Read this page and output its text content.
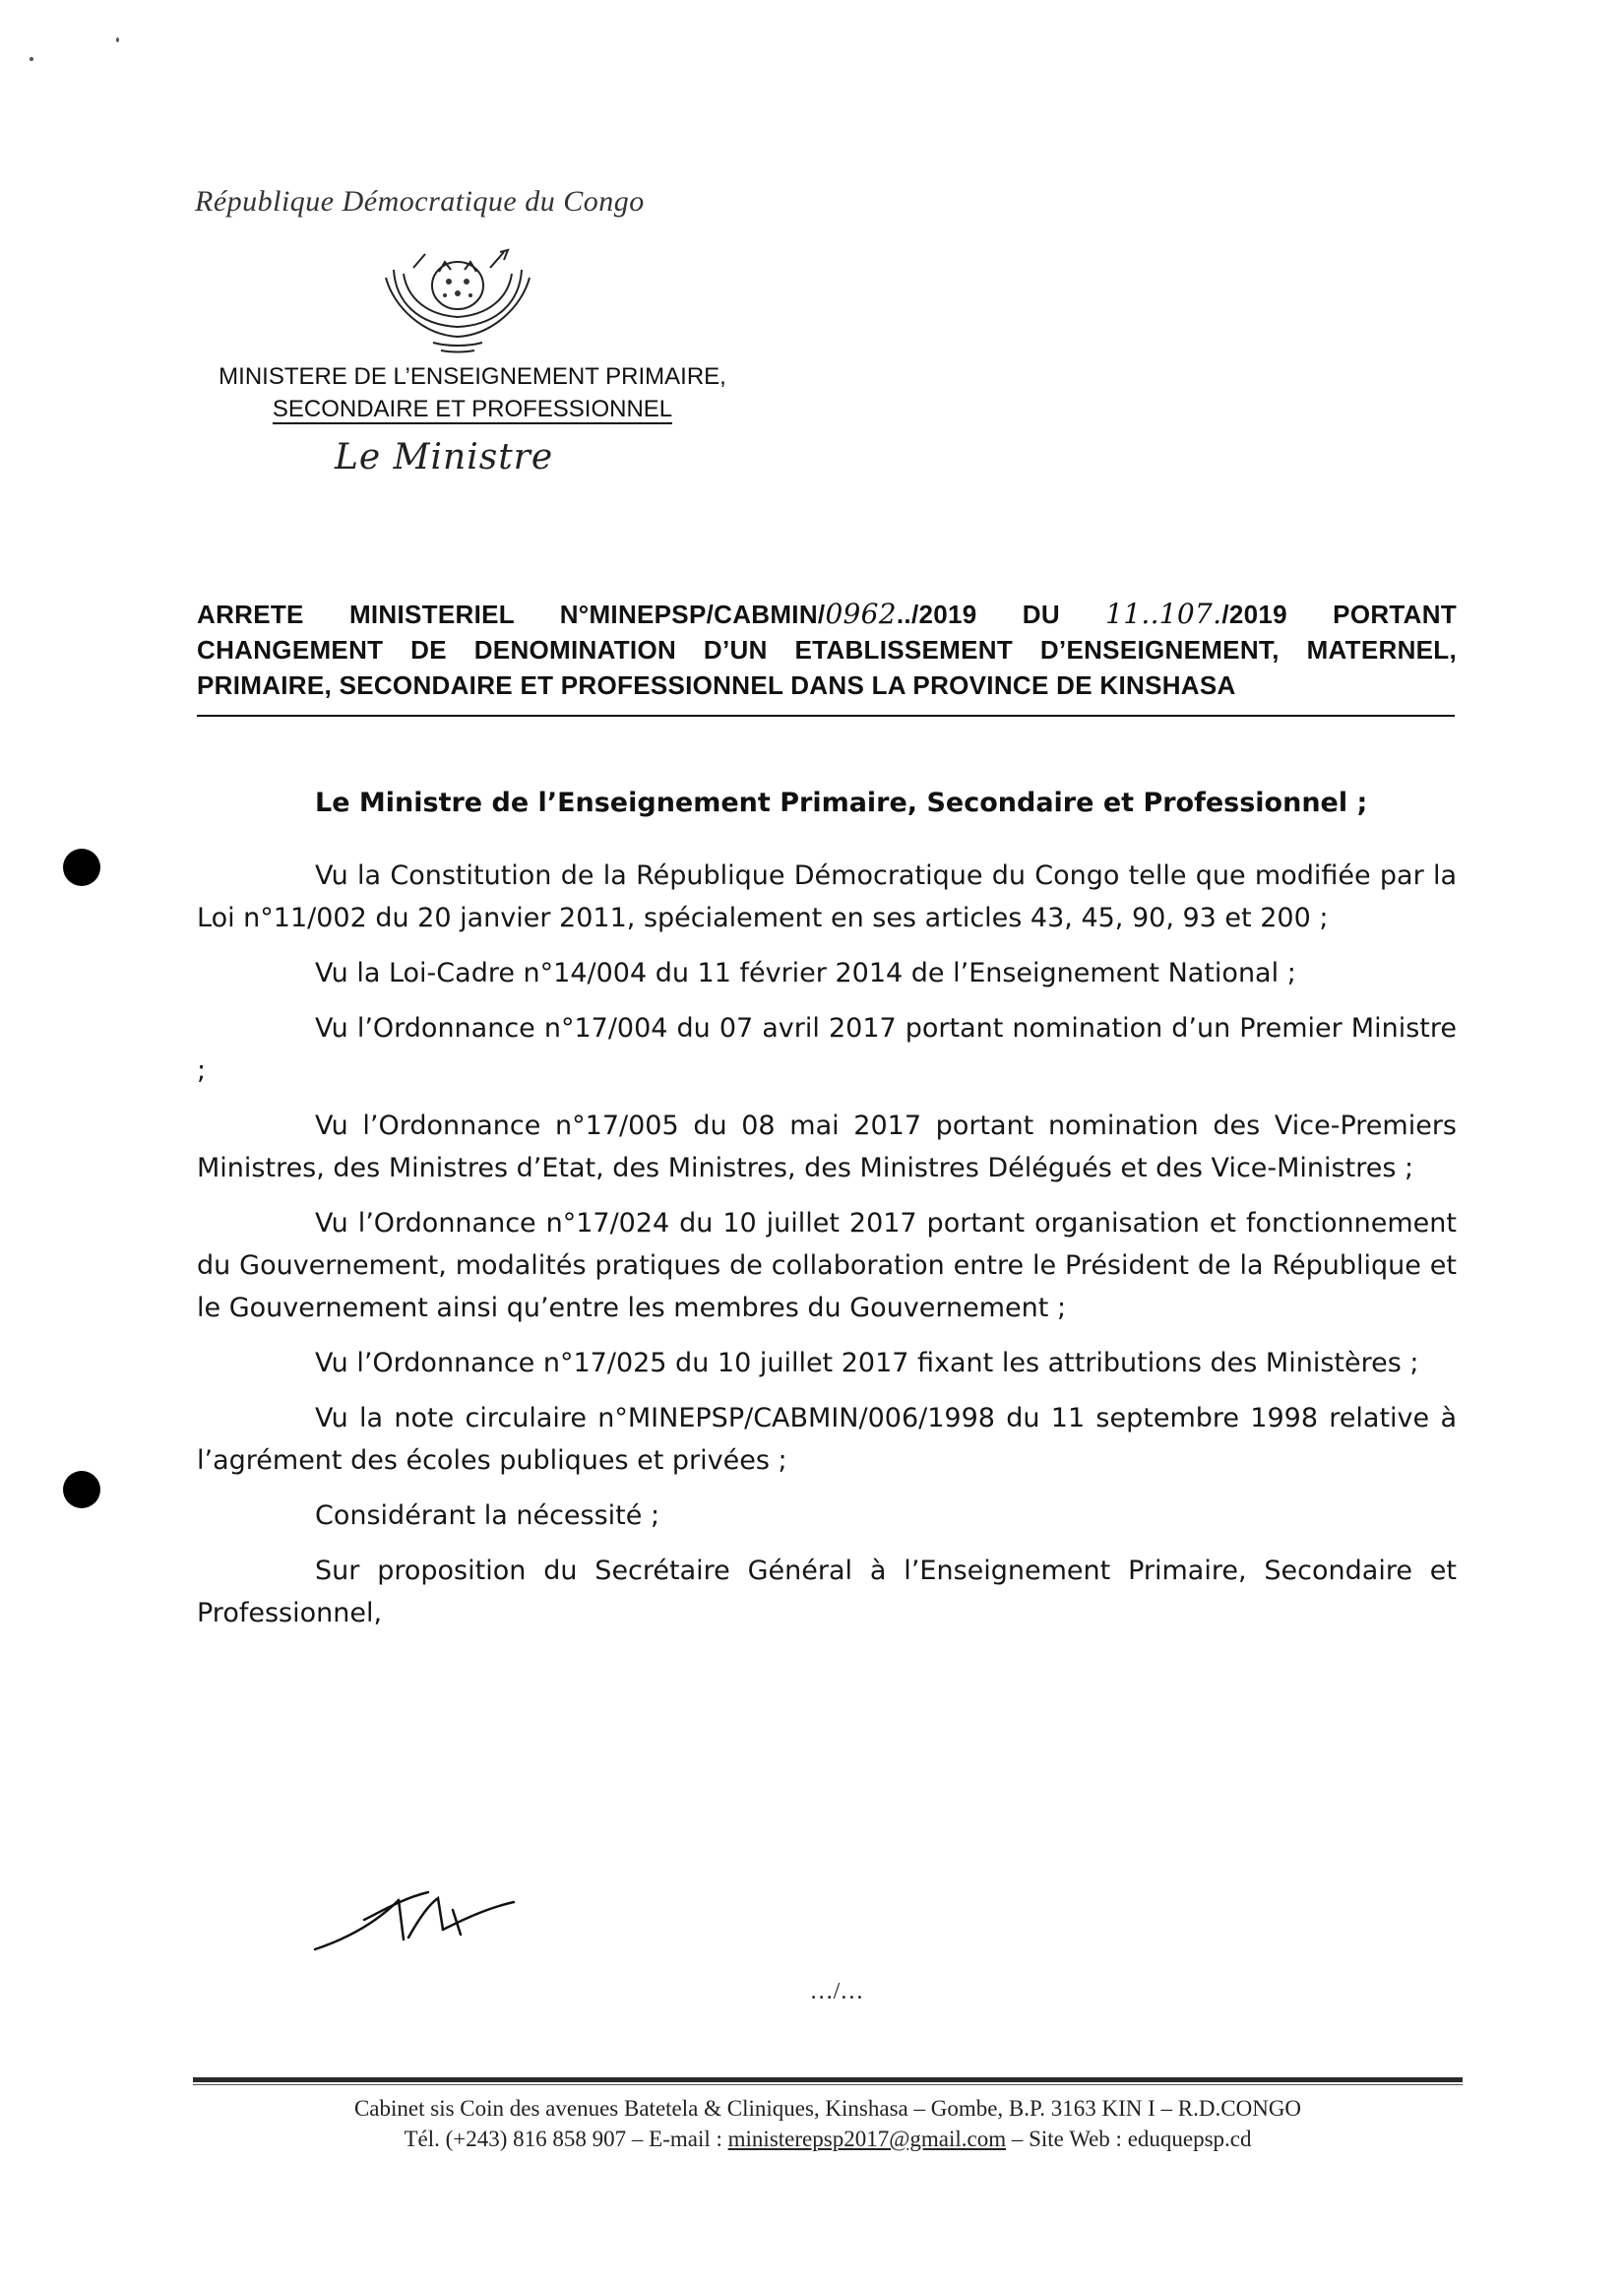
République Démocratique du Congo
MINISTERE DE L’ENSEIGNEMENT PRIMAIRE,
SECONDAIRE ET PROFESSIONNEL
Le Ministre
ARRETE MINISTERIEL N°MINEPSP/CABMIN/0962../2019 DU 11..107./2019 PORTANT CHANGEMENT DE DENOMINATION D’UN ETABLISSEMENT D’ENSEIGNEMENT, MATERNEL, PRIMAIRE, SECONDAIRE ET PROFESSIONNEL DANS LA PROVINCE DE KINSHASA
Le Ministre de l’Enseignement Primaire, Secondaire et Professionnel ;

Vu la Constitution de la République Démocratique du Congo telle que modifiée par la Loi n°11/002 du 20 janvier 2011, spécialement en ses articles 43, 45, 90, 93 et 200 ;

Vu la Loi-Cadre n°14/004 du 11 février 2014 de l’Enseignement National ;

Vu l’Ordonnance n°17/004 du 07 avril 2017 portant nomination d’un Premier Ministre ;

Vu l’Ordonnance n°17/005 du 08 mai 2017 portant nomination des Vice-Premiers Ministres, des Ministres d’Etat, des Ministres, des Ministres Délégués et des Vice-Ministres ;

Vu l’Ordonnance n°17/024 du 10 juillet 2017 portant organisation et fonctionnement du Gouvernement, modalités pratiques de collaboration entre le Président de la République et le Gouvernement ainsi qu’entre les membres du Gouvernement ;

Vu l’Ordonnance n°17/025 du 10 juillet 2017 fixant les attributions des Ministères ;

Vu la note circulaire n°MINEPSP/CABMIN/006/1998 du 11 septembre 1998 relative à l’agrément des écoles publiques et privées ;

Considérant la nécessité ;

Sur proposition du Secrétaire Général à l’Enseignement Primaire, Secondaire et Professionnel,

…/…
Cabinet sis Coin des avenues Batetela & Cliniques, Kinshasa – Gombe, B.P. 3163 KIN I – R.D.CONGO
Tél. (+243) 816 858 907 – E-mail : ministerepsp2017@gmail.com – Site Web : eduquepsp.cd
